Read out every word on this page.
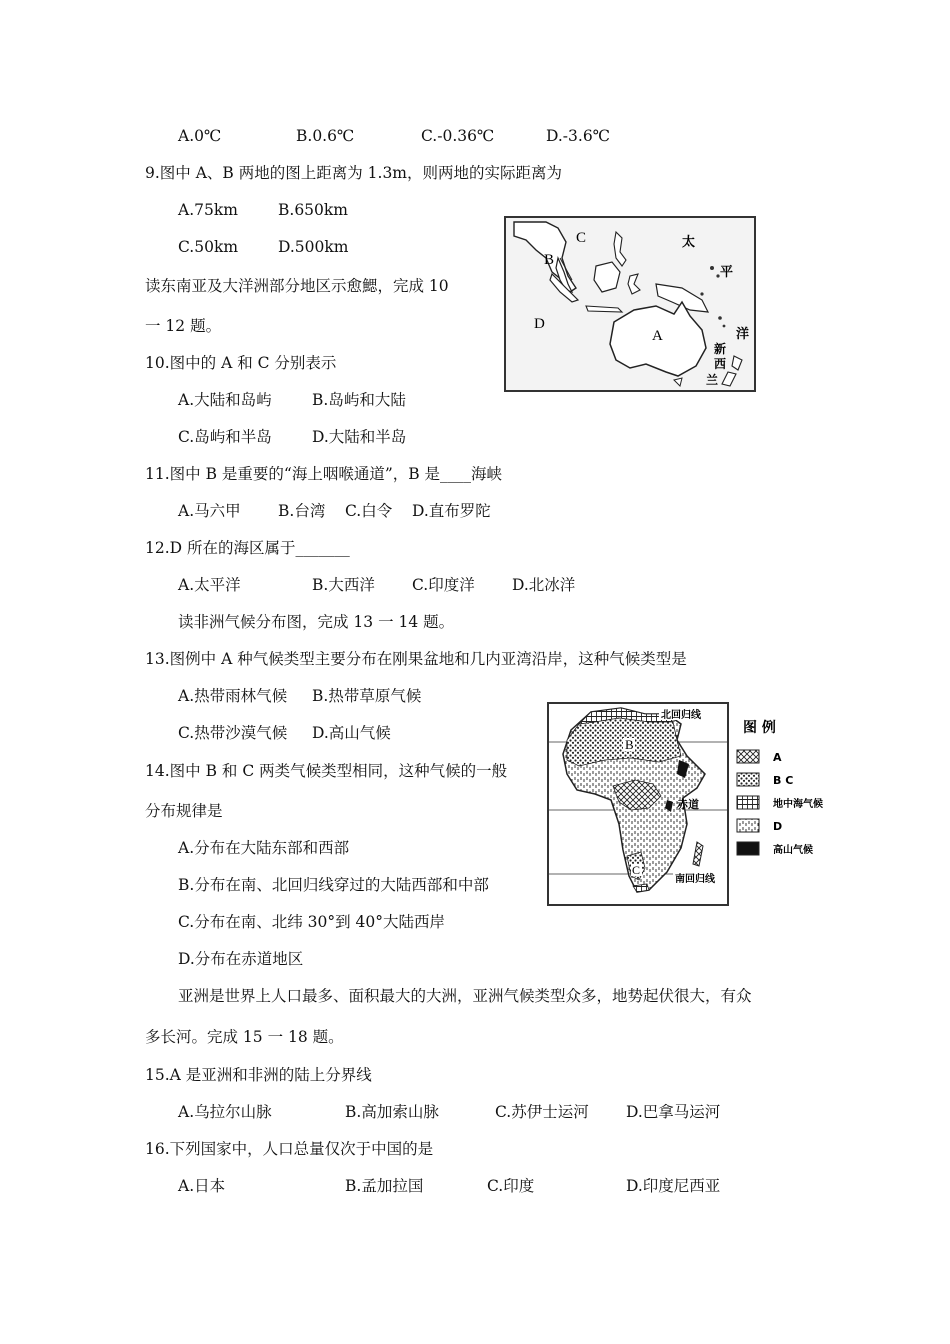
A.0℃	B.0.6℃	C.-0.36℃	D.-3.6℃
9.图中 A、B 两地的图上距离为 1.3m，则两地的实际距离为
A.75km	B.650km
C.50km	D.500km
读东南亚及大洋洲部分地区示愈鰓，完成 10
一 12 题。
B
C
D
A
太
平
洋
新
西
兰
10.图中的 A 和 C 分别表示
A.大陆和岛屿	B.岛屿和大陆
C.岛屿和半岛	D.大陆和半岛
11.图中 B 是重要的“海上咽喉通道”，B 是____海峡
A.马六甲 B.台湾 C.白令 D.直布罗陀
12.D 所在的海区属于_______
A.太平洋	B.大西洋 C.印度洋 D.北冰洋
读非洲气候分布图，完成 13 一 14 题。
13.图例中 A 种气候类型主要分布在刚果盆地和几内亚湾沿岸，这种气候类型是
A.热带雨林气候 B.热带草原气候
C.热带沙漠气候 D.高山气候
北回归线
赤道
南回归线
B
C
图 例
A
B C
地中海气候
D
高山气候
14.图中 B 和 C 两类气候类型相同，这种气候的一般
分布规律是
A.分布在大陆东部和西部
B.分布在南、北回归线穿过的大陆西部和中部
C.分布在南、北纬 30°到 40°大陆西岸
D.分布在赤道地区
亚洲是世界上人口最多、面积最大的大洲，亚洲气候类型众多，地势起伏很大，有众
多长河。完成 15 一 18 题。
15.A 是亚洲和非洲的陆上分界线
A.乌拉尔山脉	B.高加索山脉	C.苏伊士运河 D.巴拿马运河
16.下列国家中，人口总量仅次于中国的是
A.日本	B.孟加拉国	C.印度	D.印度尼西亚
